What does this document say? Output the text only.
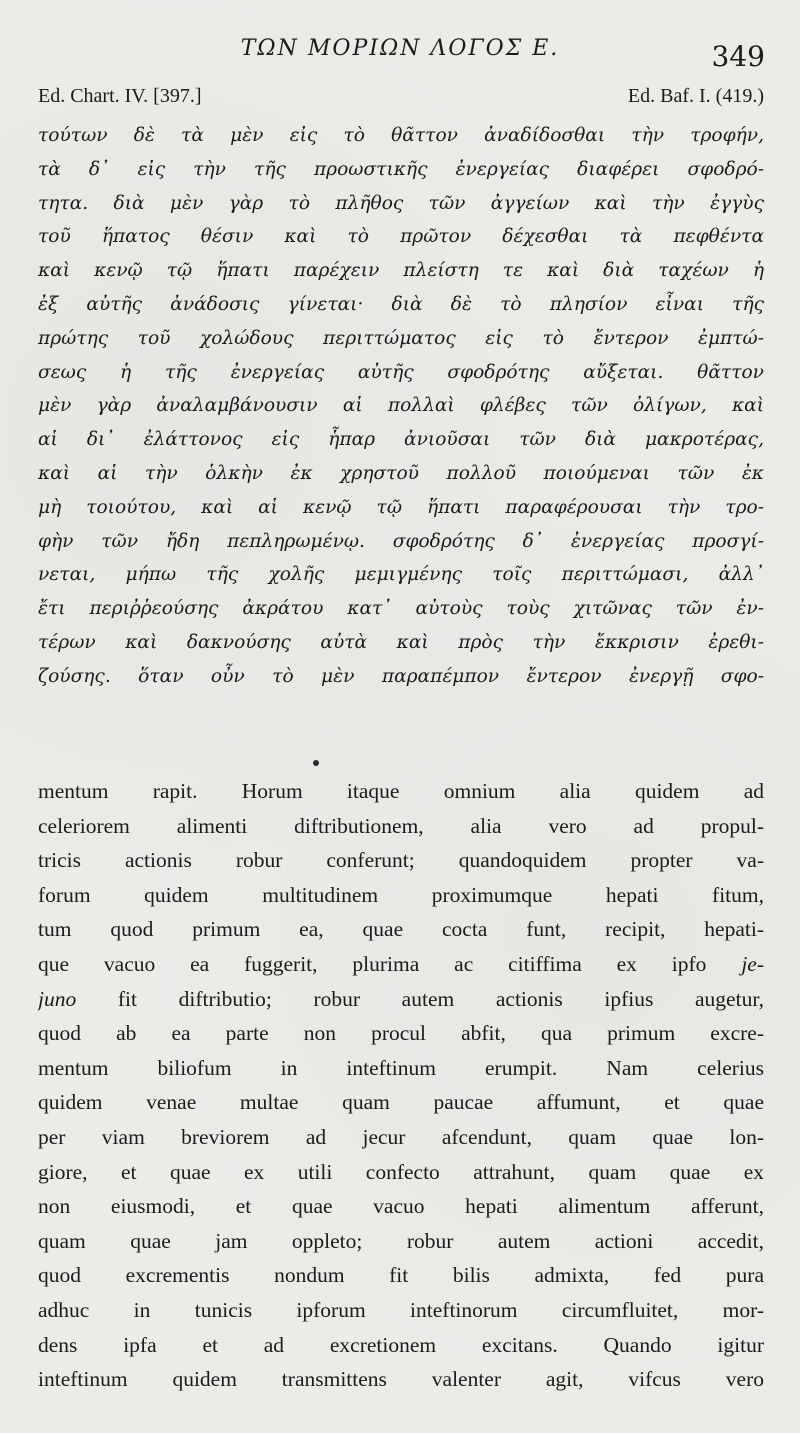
ΤΩΝ ΜΟΡΙΩΝ ΛΟΓΟΣ Ε.	349
Ed. Chart. IV. [397.]	Ed. Baf. I. (419.)
τούτων δὲ τὰ μὲν εἰς τὸ θᾶττον ἀναδίδοσθαι τὴν τροφήν,
τὰ δ᾽ εἰς τὴν τῆς προωστικῆς ἐνεργείας διαφέρει σφοδρό-
τητα. διὰ μὲν γὰρ τὸ πλῆθος τῶν ἀγγείων καὶ τὴν ἐγγὺς
τοῦ ἥπατος θέσιν καὶ τὸ πρῶτον δέχεσθαι τὰ πεφθέντα
καὶ κενῷ τῷ ἥπατι παρέχειν πλείστη τε καὶ διὰ ταχέων ἡ
ἐξ αὐτῆς ἀνάδοσις γίνεται· διὰ δὲ τὸ πλησίον εἶναι τῆς
πρώτης τοῦ χολώδους περιττώματος εἰς τὸ ἔντερον ἐμπτώ-
σεως ἡ τῆς ἐνεργείας αὐτῆς σφοδρότης αὔξεται. θᾶττον
μὲν γὰρ ἀναλαμβάνουσιν αἱ πολλαὶ φλέβες τῶν ὀλίγων, καὶ
αἱ δι᾽ ἐλάττονος εἰς ἧπαρ ἀνιοῦσαι τῶν διὰ μακροτέρας,
καὶ αἱ τὴν ὁλκὴν ἐκ χρηστοῦ πολλοῦ ποιούμεναι τῶν ἐκ
μὴ τοιούτου, καὶ αἱ κενῷ τῷ ἥπατι παραφέρουσαι τὴν τρο-
φὴν τῶν ἤδη πεπληρωμένῳ. σφοδρότης δ᾽ ἐνεργείας προσγί-
νεται, μήπω τῆς χολῆς μεμιγμένης τοῖς περιττώμασι, ἀλλ᾽
ἔτι περιῤῥεούσης ἀκράτου κατ᾽ αὐτοὺς τοὺς χιτῶνας τῶν ἐν-
τέρων καὶ δακνούσης αὐτὰ καὶ πρὸς τὴν ἔκκρισιν ἐρεθι-
ζούσης. ὅταν οὖν τὸ μὲν παραπέμπον ἔντερον ἐνεργῇ σφο-
mentum rapit. Horum itaque omnium alia quidem ad
celeriorem alimenti diftributionem, alia vero ad propul-
tricis actionis robur conferunt; quandoquidem propter va-
forum quidem multitudinem proximumque hepati fitum,
tum quod primum ea, quae cocta funt, recipit, hepati-
que vacuo ea fuggerit, plurima ac citiffima ex ipfo je-
juno fit diftributio; robur autem actionis ipfius augetur,
quod ab ea parte non procul abfit, qua primum excre-
mentum biliofum in inteftinum erumpit. Nam celerius
quidem venae multae quam paucae affumunt, et quae
per viam breviorem ad jecur afcendunt, quam quae lon-
giore, et quae ex utili confecto attrahunt, quam quae ex
non eiusmodi, et quae vacuo hepati alimentum afferunt,
quam quae jam oppleto; robur autem actioni accedit,
quod excrementis nondum fit bilis admixta, fed pura
adhuc in tunicis ipforum inteftinorum circumfluitet, mor-
dens ipfa et ad excretionem excitans. Quando igitur
inteftinum quidem transmittens valenter agit, vifcus vero
